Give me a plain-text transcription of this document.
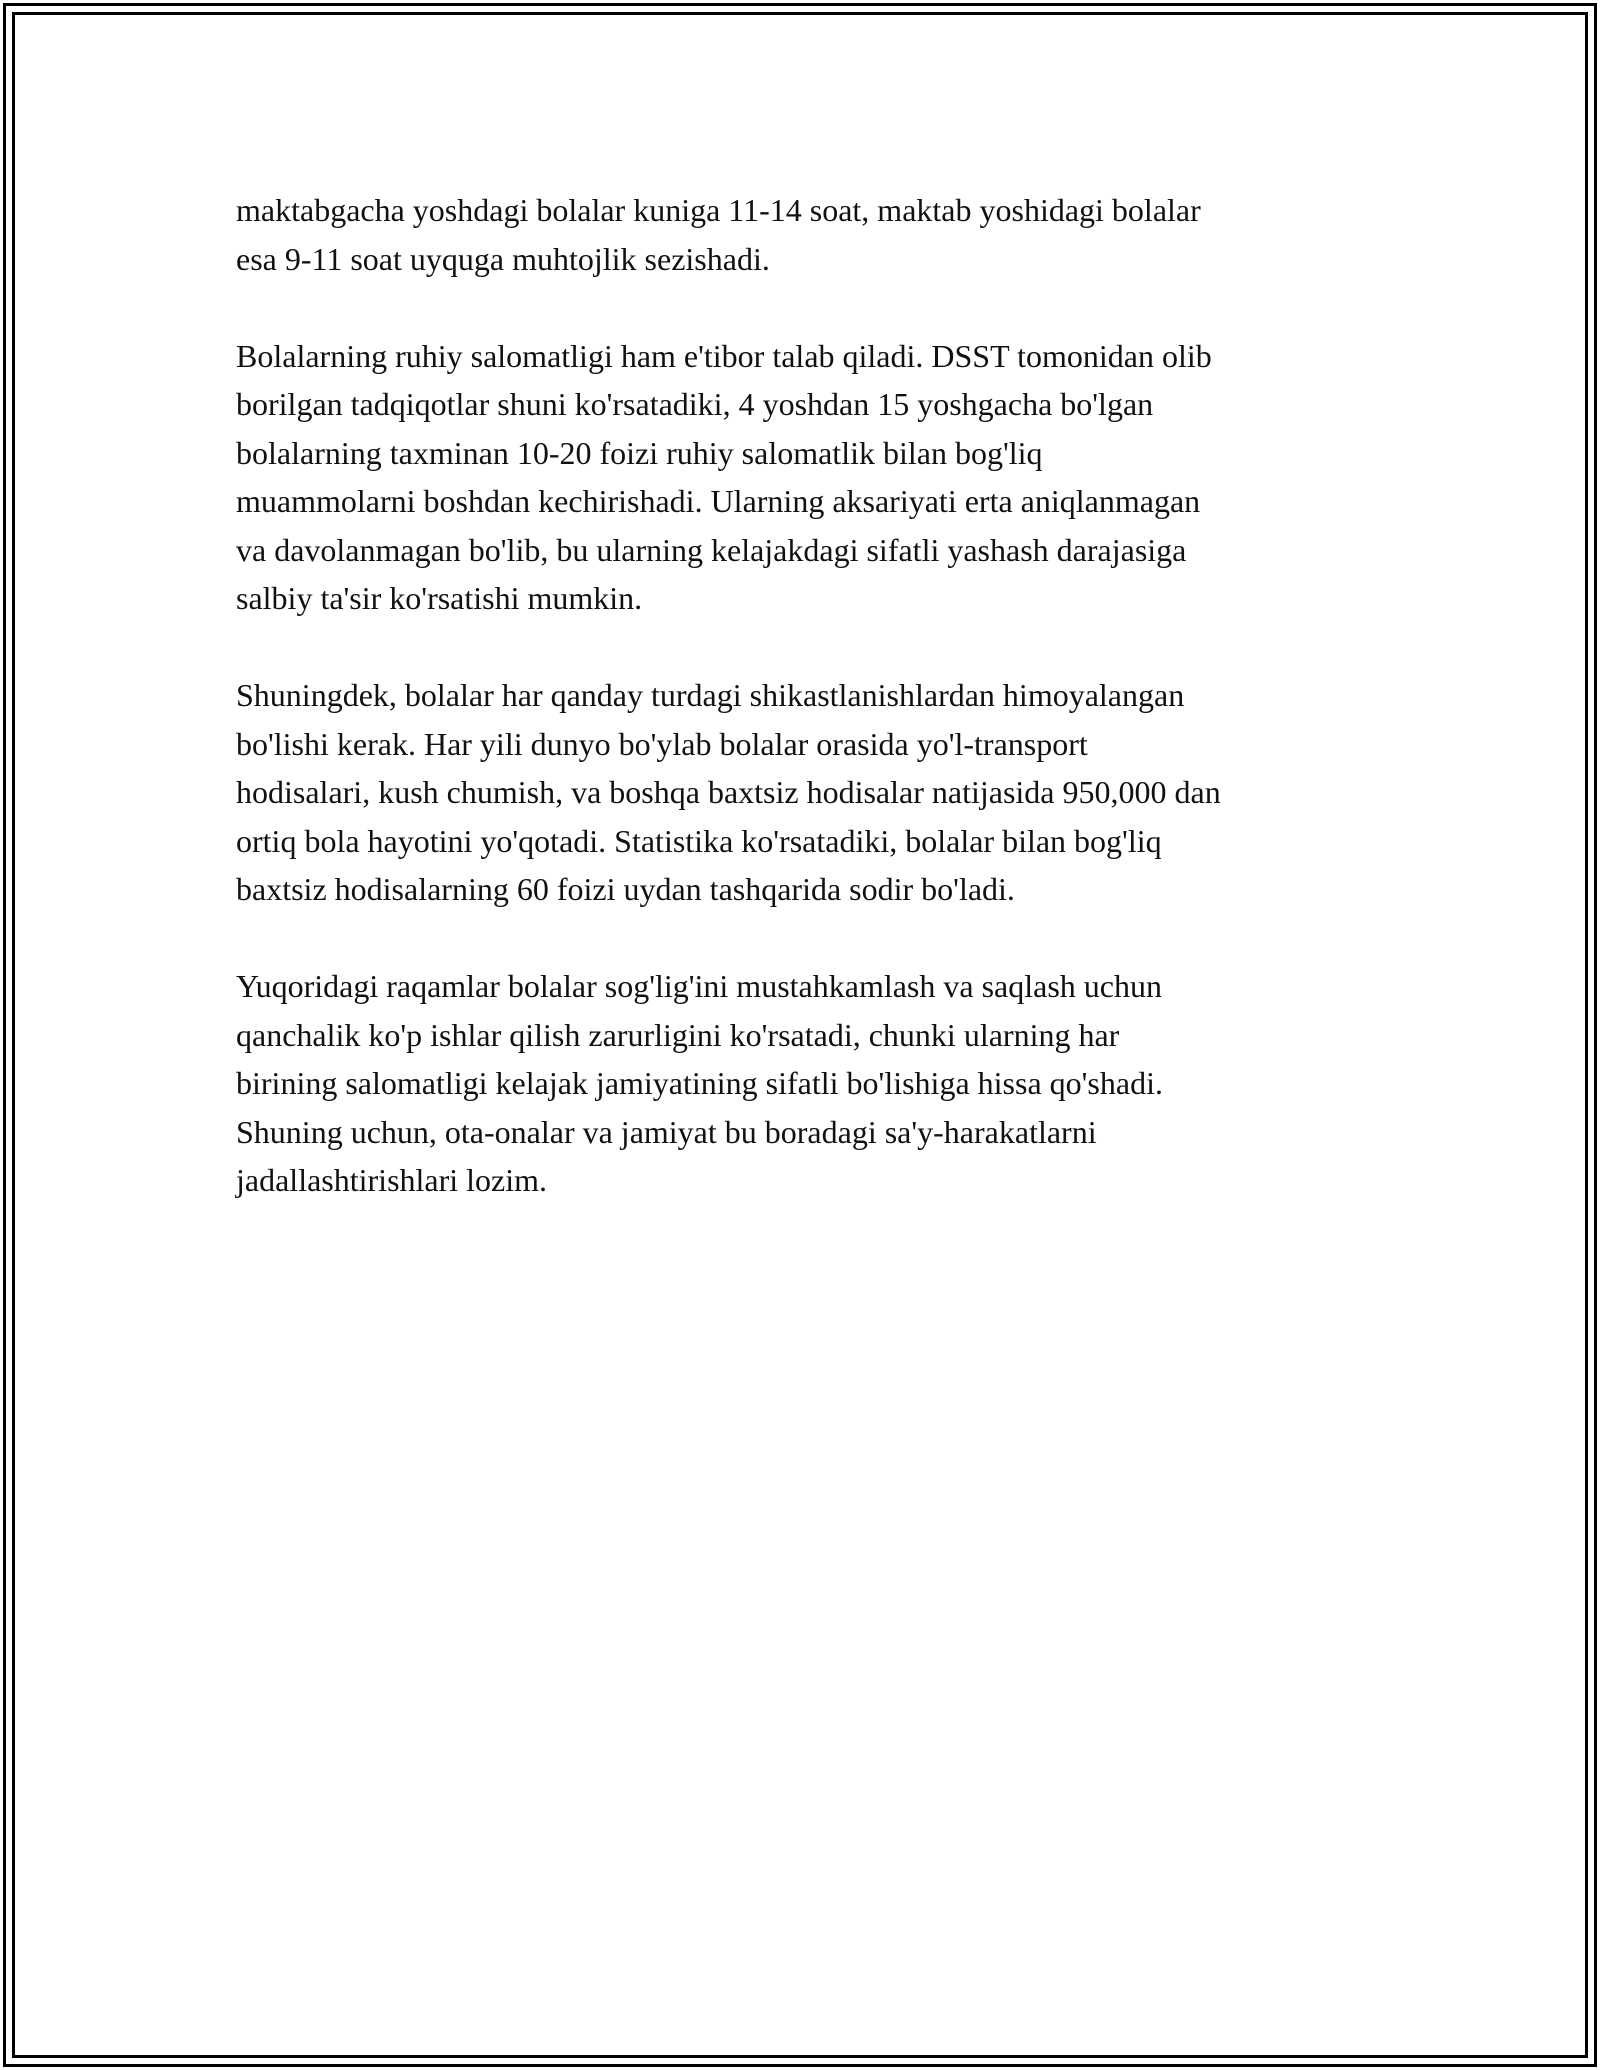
maktabgacha yoshdagi bolalar kuniga 11-14 soat, maktab yoshidagi bolalar
esa 9-11 soat uyquga muhtojlik sezishadi.

Bolalarning ruhiy salomatligi ham e'tibor talab qiladi. DSST tomonidan olib
borilgan tadqiqotlar shuni ko'rsatadiki, 4 yoshdan 15 yoshgacha bo'lgan
bolalarning taxminan 10-20 foizi ruhiy salomatlik bilan bog'liq
muammolarni boshdan kechirishadi. Ularning aksariyati erta aniqlanmagan
va davolanmagan bo'lib, bu ularning kelajakdagi sifatli yashash darajasiga
salbiy ta'sir ko'rsatishi mumkin.

Shuningdek, bolalar har qanday turdagi shikastlanishlardan himoyalangan
bo'lishi kerak. Har yili dunyo bo'ylab bolalar orasida yo'l-transport
hodisalari, kush chumish, va boshqa baxtsiz hodisalar natijasida 950,000 dan
ortiq bola hayotini yo'qotadi. Statistika ko'rsatadiki, bolalar bilan bog'liq
baxtsiz hodisalarning 60 foizi uydan tashqarida sodir bo'ladi.

Yuqoridagi raqamlar bolalar sog'lig'ini mustahkamlash va saqlash uchun
qanchalik ko'p ishlar qilish zarurligini ko'rsatadi, chunki ularning har
birining salomatligi kelajak jamiyatining sifatli bo'lishiga hissa qo'shadi.
Shuning uchun, ota-onalar va jamiyat bu boradagi sa'y-harakatlarni
jadallashtirishlari lozim.
